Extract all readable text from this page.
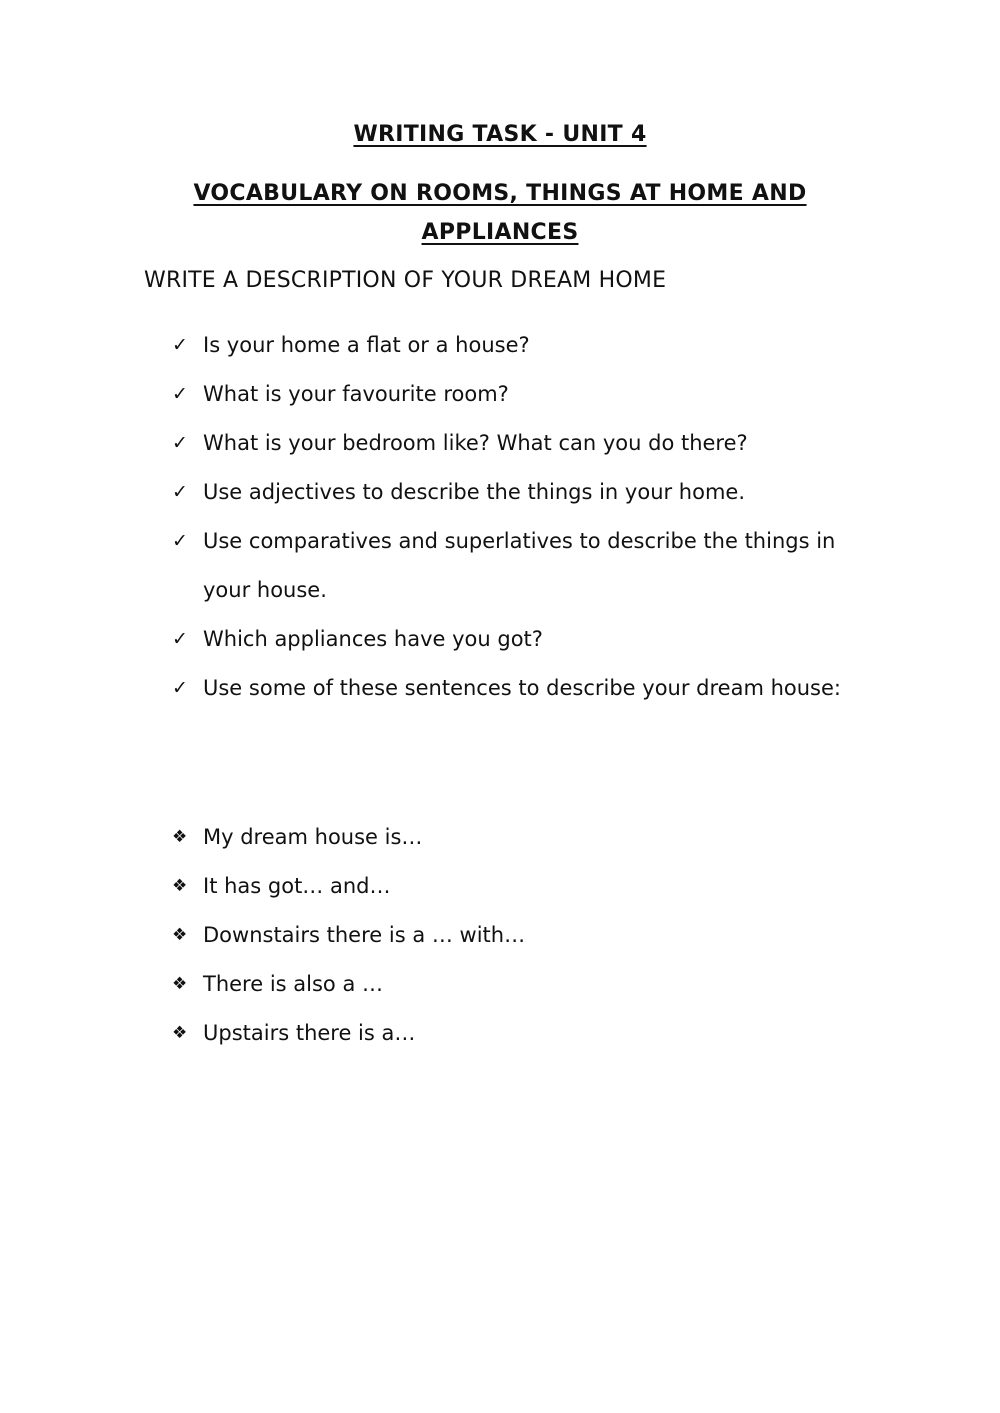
WRITING TASK - UNIT 4
VOCABULARY ON ROOMS, THINGS AT HOME AND APPLIANCES
WRITE A DESCRIPTION OF YOUR DREAM HOME
✓ Is your home a flat or a house?
✓ What is your favourite room?
✓ What is your bedroom like? What can you do there?
✓ Use adjectives to describe the things in your home.
✓ Use comparatives and superlatives to describe the things in your house.
✓ Which appliances have you got?
✓ Use some of these sentences to describe your dream house:
❖ My dream house is…
❖ It has got… and…
❖ Downstairs there is a … with…
❖ There is also a …
❖ Upstairs there is a…
